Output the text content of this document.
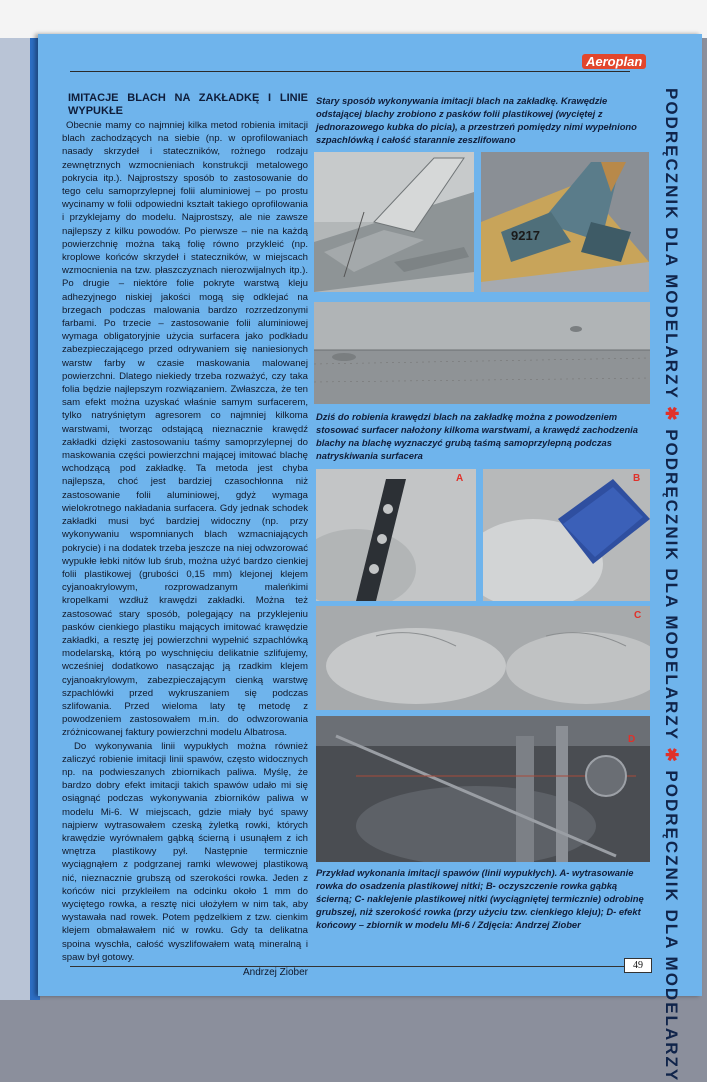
Aeroplan
PODRĘCZNIK DLA MODELARZY ✱ PODRĘCZNIK DLA MODELARZY ✱ PODRĘCZNIK DLA MODELARZY
IMITACJE BLACH NA ZAKŁADKĘ I LINIE WYPUKŁE

Obecnie mamy co najmniej kilka metod robienia imitacji blach zachodzących na siebie (np. w oprofilowaniach nasady skrzydeł i stateczników, rożnego rodzaju zewnętrznych wzmocnieniach konstrukcji metalowego pokrycia itp.). Najprostszy sposób to zastosowanie do tego celu samoprzylepnej folii aluminiowej – po prostu wycinamy w folii odpowiedni kształt takiego oprofilowania i przyklejamy do modelu. Najprostszy, ale nie zawsze najlepszy z kilku powodów. Po pierwsze – nie na każdą powierzchnię można taką folię równo przykleić (np. kroplowe końców skrzydeł i stateczników, w miejscach wzmocnienia na tzw. płaszczyznach nierozwijalnych itp.). Po drugie – niektóre folie pokryte warstwą kleju adhezyjnego niskiej jakości mogą się odklejać na brzegach podczas malowania bardzo rozrzedzonymi farbami. Po trzecie – zastosowanie folii aluminiowej wymaga obligatoryjnie użycia surfacera jako podkładu zabezpieczającego przed odrywaniem się naniesionych warstw farby w czasie maskowania malowanej powierzchni. Dlatego niekiedy trzeba rozważyć, czy taka folia będzie najlepszym rozwiązaniem. Zwłaszcza, że ten sam efekt można uzyskać właśnie samym surfacerem, tylko natryśniętym agresorem co najmniej kilkoma warstwami, tworząc odstającą nieznacznie krawędź zakładki dzięki zastosowaniu taśmy samoprzylepnej do maskowania części powierzchni mającej imitować blachę wchodzącą pod zakładkę. Ta metoda jest chyba najlepsza, choć jest bardziej czasochłonna niż zastosowanie folii aluminiowej, gdyż wymaga wielokrotnego nakładania surfacera. Gdy jednak schodek zakładki musi być bardziej widoczny (np. przy wykonywaniu wspomnianych blach wzmacniających pokrycie) i na dodatek trzeba jeszcze na niej odwzorować wypukłe łebki nitów lub śrub, można użyć bardzo cienkiej folii plastikowej (grubości 0,15 mm) klejonej klejem cyjanoakrylowym, rozprowadzanym maleńkimi kropelkami wzdłuż krawędzi zakładki. Można też zastosować stary sposób, polegający na przyklejeniu pasków cienkiego plastiku mających imitować krawędzie zakładki, a resztę jej powierzchni wypełnić szpachlówką modelarską, którą po wyschnięciu delikatnie szlifujemy, wcześniej dodatkowo nasączając ją rzadkim klejem cyjanoakrylowym, zabezpieczającym cienką warstwę szpachlówki przed wykruszaniem się podczas szlifowania. Przed wieloma laty tę metodę z powodzeniem zastosowałem m.in. do odwzorowania zróżnicowanej faktury powierzchni modelu Albatrosa.

Do wykonywania linii wypukłych można również zaliczyć robienie imitacji linii spawów, często widocznych np. na podwieszanych zbiornikach paliwa. Myślę, że bardzo dobry efekt imitacji takich spawów udało mi się osiągnąć podczas wykonywania zbiorników paliwa w modelu Mi-6. W miejscach, gdzie miały być spawy najpierw wytrasowałem czeską żyletką rowki, których krawędzie wyrównałem gąbką ścierną i usunąłem z ich wnętrza plastikowy pył. Następnie termicznie wyciągnąłem z podgrzanej ramki wlewowej plastikową nić, nieznacznie grubszą od szerokości rowka. Jeden z końców nici przykleiłem na odcinku około 1 mm do wyciętego rowka, a resztę nici ułożyłem w nim tak, aby wystawała nad rowek. Potem pędzelkiem z tzw. cienkim klejem obmaławałem nić w rowku. Gdy ta delikatna spoina wyschła, całość wyszlifowałem watą mineralną i spaw był gotowy.

Andrzej Ziober
Stary sposób wykonywania imitacji blach na zakładkę. Krawędzie odstającej blachy zrobiono z pasków folii plastikowej (wyciętej z jednorazowego kubka do picia), a przestrzeń pomiędzy nimi wypełniono szpachlówką i całość starannie zeszlifowano
9217
Dziś do robienia krawędzi blach na zakładkę można z powodzeniem stosować surfacer nałożony kilkoma warstwami, a krawędź zachodzenia blachy na blachę wyznaczyć grubą taśmą samoprzylepną podczas natryskiwania surfacera
A	B
C
D
Przykład wykonania imitacji spawów (linii wypukłych). A- wytrasowanie rowka do osadzenia plastikowej nitki; B- oczyszczenie rowka gąbką ścierną; C- naklejenie plastikowej nitki (wyciągniętej termicznie) odrobinę grubszej, niż szerokość rowka (przy użyciu tzw. cienkiego kleju); D- efekt końcowy – zbiornik w modelu Mi-6 / Zdjęcia: Andrzej Ziober
49
